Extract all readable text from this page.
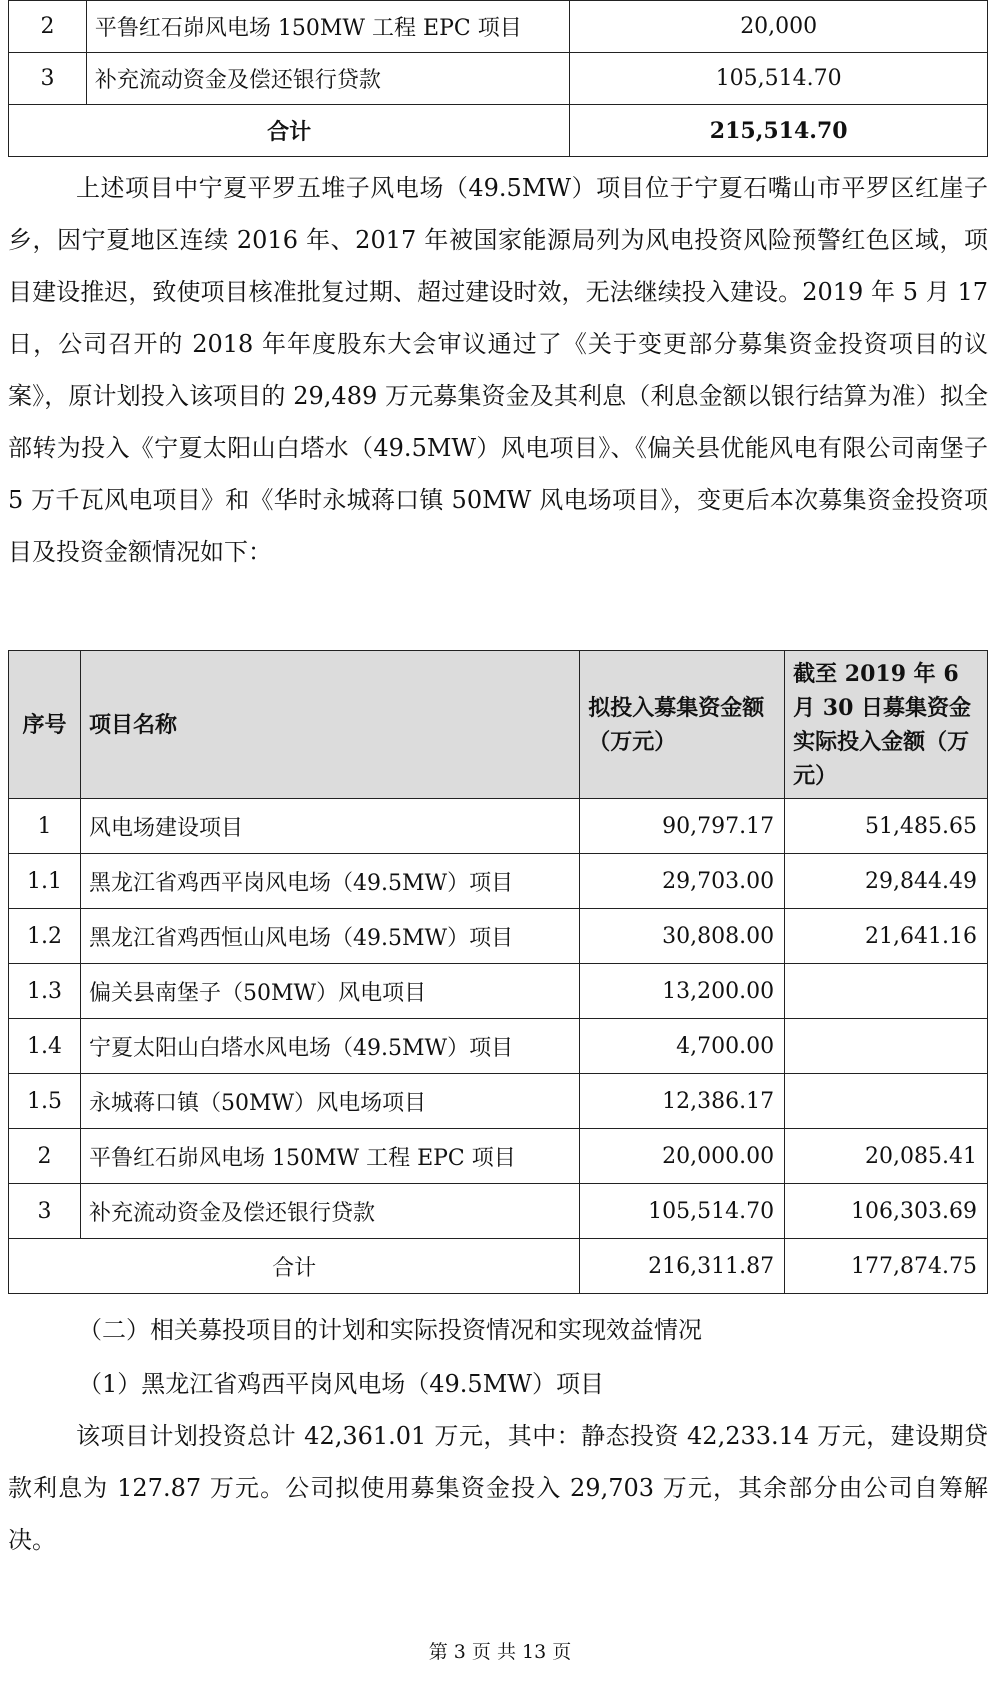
2	平鲁红石峁风电场 150MW 工程 EPC 项目	20,000
3	补充流动资金及偿还银行贷款	105,514.70
合计		215,514.70

上述项目中宁夏平罗五堆子风电场（49.5MW）项目位于宁夏石嘴山市平罗区红崖子乡，因宁夏地区连续 2016 年、2017 年被国家能源局列为风电投资风险预警红色区域，项目建设推迟，致使项目核准批复过期、超过建设时效，无法继续投入建设。2019 年 5 月 17 日，公司召开的 2018 年年度股东大会审议通过了《关于变更部分募集资金投资项目的议案》，原计划投入该项目的 29,489 万元募集资金及其利息（利息金额以银行结算为准）拟全部转为投入《宁夏太阳山白塔水（49.5MW）风电项目》、《偏关县优能风电有限公司南堡子 5 万千瓦风电项目》和《华时永城蒋口镇 50MW 风电场项目》，变更后本次募集资金投资项目及投资金额情况如下：

序号	项目名称	拟投入募集资金额（万元）	截至 2019 年 6 月 30 日募集资金实际投入金额（万元）
1	风电场建设项目	90,797.17	51,485.65
1.1	黑龙江省鸡西平岗风电场（49.5MW）项目	29,703.00	29,844.49
1.2	黑龙江省鸡西恒山风电场（49.5MW）项目	30,808.00	21,641.16
1.3	偏关县南堡子（50MW）风电项目	13,200.00	
1.4	宁夏太阳山白塔水风电场（49.5MW）项目	4,700.00	
1.5	永城蒋口镇（50MW）风电场项目	12,386.17	
2	平鲁红石峁风电场 150MW 工程 EPC 项目	20,000.00	20,085.41
3	补充流动资金及偿还银行贷款	105,514.70	106,303.69
合计		216,311.87	177,874.75

（二）相关募投项目的计划和实际投资情况和实现效益情况

（1）黑龙江省鸡西平岗风电场（49.5MW）项目

该项目计划投资总计 42,361.01 万元，其中：静态投资 42,233.14 万元，建设期贷款利息为 127.87 万元。公司拟使用募集资金投入 29,703 万元，其余部分由公司自筹解决。

第 3 页 共 13 页
